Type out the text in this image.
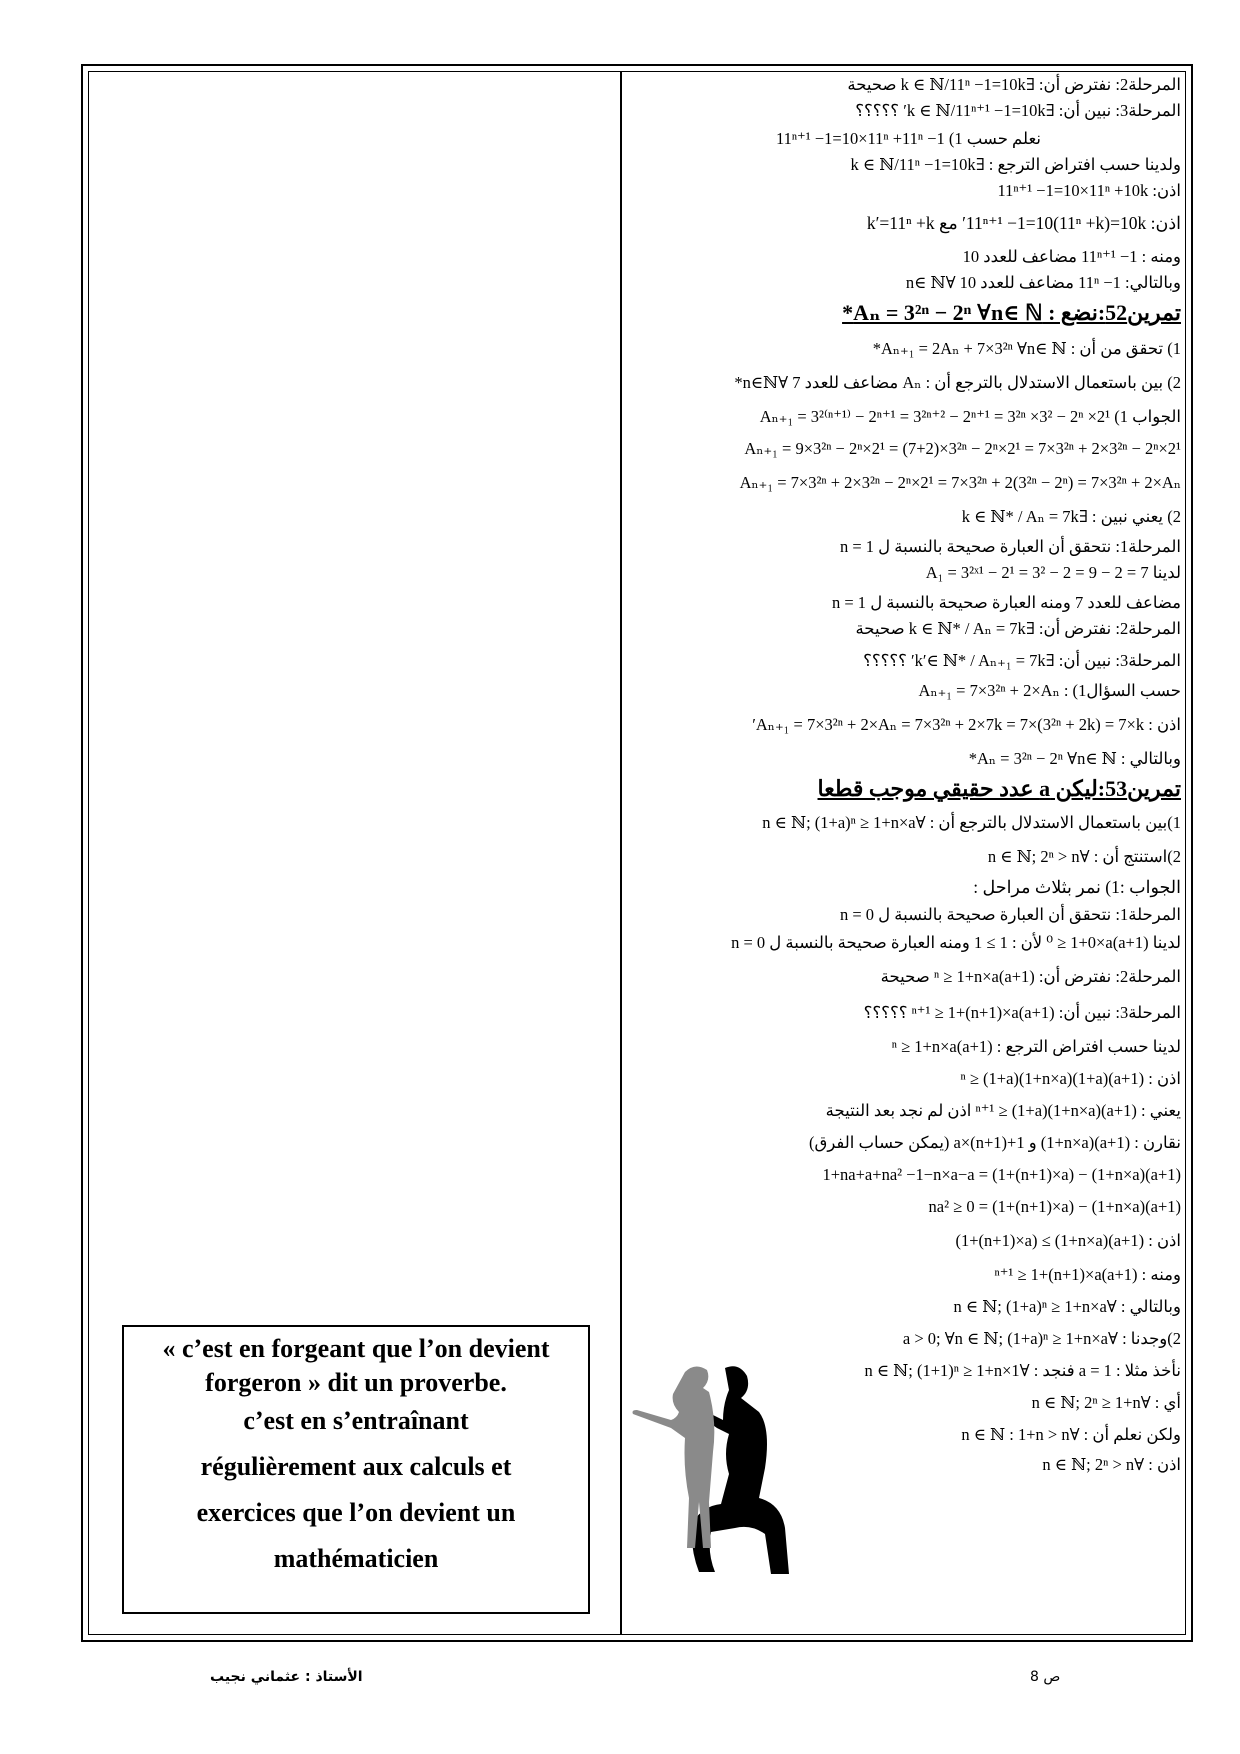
المرحلة2: نفترض أن: ∃k ∈ ℕ/11ⁿ −1=10k صحيحة
المرحلة3: نبين أن: ∃k ∈ ℕ/11ⁿ⁺¹ −1=10k′ ؟؟؟؟؟
نعلم حسب 1) 11ⁿ⁺¹ −1=10×11ⁿ +11ⁿ −1
ولدينا حسب افتراض الترجع : ∃k ∈ ℕ/11ⁿ −1=10k
اذن: 11ⁿ⁺¹ −1=10×11ⁿ +10k
اذن: 11ⁿ⁺¹ −1=10(11ⁿ +k)=10k′ مع k′=11ⁿ +k
ومنه : 1− 11ⁿ⁺¹ مضاعف للعدد 10
وبالتالي: 1− 11ⁿ مضاعف للعدد 10 ∀n∈ ℕ
تمرين52:نضع : Aₙ = 3²ⁿ − 2ⁿ ∀n∈ ℕ*
1) تحقق من أن : Aₙ₊₁ = 2Aₙ + 7×3²ⁿ ∀n∈ ℕ*
2) بين باستعمال الاستدلال بالترجع أن : Aₙ مضاعف للعدد 7 ∀n∈ℕ*
الجواب 1) Aₙ₊₁ = 3²⁽ⁿ⁺¹⁾ − 2ⁿ⁺¹ = 3²ⁿ⁺² − 2ⁿ⁺¹ = 3²ⁿ ×3² − 2ⁿ ×2¹
Aₙ₊₁ = 9×3²ⁿ − 2ⁿ×2¹ = (7+2)×3²ⁿ − 2ⁿ×2¹ = 7×3²ⁿ + 2×3²ⁿ − 2ⁿ×2¹
Aₙ₊₁ = 7×3²ⁿ + 2×3²ⁿ − 2ⁿ×2¹ = 7×3²ⁿ + 2(3²ⁿ − 2ⁿ) = 7×3²ⁿ + 2×Aₙ
2) يعني نبين : ∃k ∈ ℕ* / Aₙ = 7k
المرحلة1: نتحقق أن العبارة صحيحة بالنسبة ل n = 1
لدينا A₁ = 3²ˣ¹ − 2¹ = 3² − 2 = 9 − 2 = 7
مضاعف للعدد 7 ومنه العبارة صحيحة بالنسبة ل n = 1
المرحلة2: نفترض أن: ∃k ∈ ℕ* / Aₙ = 7k صحيحة
المرحلة3: نبين أن: ∃k′∈ ℕ* / Aₙ₊₁ = 7k′ ؟؟؟؟؟
حسب السؤال1) : Aₙ₊₁ = 7×3²ⁿ + 2×Aₙ
اذن : Aₙ₊₁ = 7×3²ⁿ + 2×Aₙ = 7×3²ⁿ + 2×7k = 7×(3²ⁿ + 2k) = 7×k′
وبالتالي : Aₙ = 3²ⁿ − 2ⁿ ∀n∈ ℕ*
تمرين53:ليكن a عدد حقيقي موجب قطعا
1)بين باستعمال الاستدلال بالترجع أن : ∀n ∈ ℕ; (1+a)ⁿ ≥ 1+n×a
2)استنتج أن : ∀n ∈ ℕ; 2ⁿ > n
الجواب :1) نمر بثلاث مراحل :
المرحلة1: نتحقق أن العبارة صحيحة بالنسبة ل n = 0
لدينا (1+a)⁰ ≥ 1+0×a لأن : 1 ≥ 1 ومنه العبارة صحيحة بالنسبة ل n = 0
المرحلة2: نفترض أن: (1+a)ⁿ ≥ 1+n×a صحيحة
المرحلة3: نبين أن: (1+a)ⁿ⁺¹ ≥ 1+(n+1)×a ؟؟؟؟؟
لدينا حسب افتراض الترجع : (1+a)ⁿ ≥ 1+n×a
اذن : (1+a)(1+a)ⁿ ≥ (1+a)(1+n×a)
يعني : (1+a)ⁿ⁺¹ ≥ (1+a)(1+n×a) اذن لم نجد بعد النتيجة
نقارن : (1+a)(1+n×a) و 1+(n+1)×a (يمكن حساب الفرق)
(1+a)(1+n×a) − (1+(n+1)×a) = 1+na+a+na² −1−n×a−a
(1+a)(1+n×a) − (1+(n+1)×a) = na² ≥ 0
اذن : (1+a)(1+n×a) ≥ (1+(n+1)×a)
ومنه : (1+a)ⁿ⁺¹ ≥ 1+(n+1)×a
وبالتالي : ∀n ∈ ℕ; (1+a)ⁿ ≥ 1+n×a
2)وجدنا : ∀a > 0; ∀n ∈ ℕ; (1+a)ⁿ ≥ 1+n×a
نأخذ مثلا : a = 1 فنجد : ∀n ∈ ℕ; (1+1)ⁿ ≥ 1+n×1
أي : ∀n ∈ ℕ; 2ⁿ ≥ 1+n
ولكن نعلم أن : ∀n ∈ ℕ : 1+n > n
اذن : ∀n ∈ ℕ; 2ⁿ > n
« c’est en forgeant que l’on devient
forgeron » dit un proverbe.
c’est en s’entraînant
régulièrement aux calculs et
exercices que l’on devient un
mathématicien
الأستاذ : عثماني نجيب	ص 8
